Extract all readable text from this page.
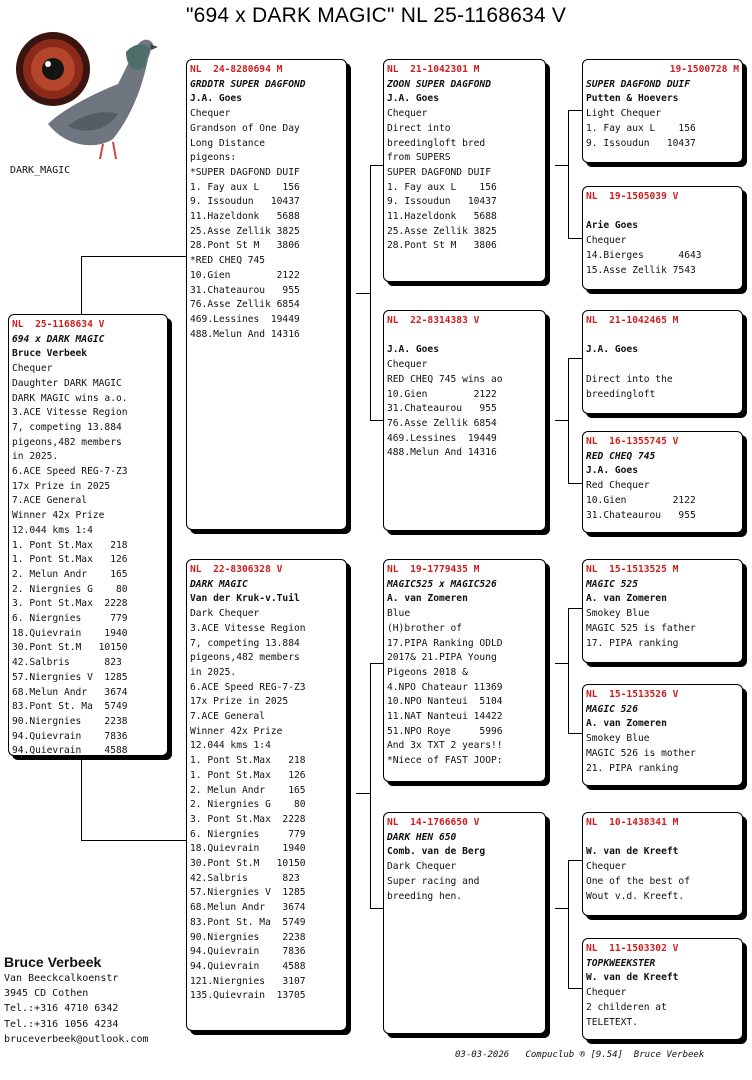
"694 x DARK MAGIC" NL 25-1168634 V
DARK_MAGIC
NL  25-1168634 V
694 x DARK MAGIC
Bruce Verbeek
Chequer
Daughter DARK MAGIC
DARK MAGIC wins a.o.
3.ACE Vitesse Region
7, competing 13.884
pigeons,482 members
in 2025.
6.ACE Speed REG-7-Z3
17x Prize in 2025
7.ACE General
Winner 42x Prize
12.044 kms 1:4
1. Pont St.Max   218
1. Pont St.Max   126
2. Melun Andr    165
2. Niergnies G    80
3. Pont St.Max  2228
6. Niergnies     779
18.Quievrain    1940
30.Pont St.M   10150
42.Salbris      823
57.Niergnies V  1285
68.Melun Andr   3674
83.Pont St. Ma  5749
90.Niergnies    2238
94.Quievrain    7836
94.Quievrain    4588
NL  24-8280694 M
GRDDTR SUPER DAGFOND
J.A. Goes
Chequer
Grandson of One Day
Long Distance
pigeons:
*SUPER DAGFOND DUIF
1. Fay aux L    156
9. Issoudun   10437
11.Hazeldonk   5688
25.Asse Zellik 3825
28.Pont St M   3806
*RED CHEQ 745
10.Gien        2122
31.Chateaurou   955
76.Asse Zellik 6854
469.Lessines  19449
488.Melun And 14316
NL  22-8306328 V
DARK MAGIC
Van der Kruk-v.Tuil
Dark Chequer
3.ACE Vitesse Region
7, competing 13.884
pigeons,482 members
in 2025.
6.ACE Speed REG-7-Z3
17x Prize in 2025
7.ACE General
Winner 42x Prize
12.044 kms 1:4
1. Pont St.Max   218
1. Pont St.Max   126
2. Melun Andr    165
2. Niergnies G    80
3. Pont St.Max  2228
6. Niergnies     779
18.Quievrain    1940
30.Pont St.M   10150
42.Salbris      823
57.Niergnies V  1285
68.Melun Andr   3674
83.Pont St. Ma  5749
90.Niergnies    2238
94.Quievrain    7836
94.Quievrain    4588
121.Niergnies   3107
135.Quievrain  13705
NL  21-1042301 M
ZOON SUPER DAGFOND
J.A. Goes
Chequer
Direct into
breedingloft bred
from SUPERS
SUPER DAGFOND DUIF
1. Fay aux L    156
9. Issoudun   10437
11.Hazeldonk   5688
25.Asse Zellik 3825
28.Pont St M   3806
NL  22-8314383 V

J.A. Goes
Chequer
RED CHEQ 745 wins ao
10.Gien        2122
31.Chateaurou   955
76.Asse Zellik 6854
469.Lessines  19449
488.Melun And 14316
NL  19-1779435 M
MAGIC525 x MAGIC526
A. van Zomeren
Blue
(H)brother of
17.PIPA Ranking ODLD
2017& 21.PIPA Young
Pigeons 2018 &
4.NPO Chateaur 11369
10.NPO Nanteui  5104
11.NAT Nanteui 14422
51.NPO Roye     5996
And 3x TXT 2 years!!
*Niece of FAST JOOP:
NL  14-1766650 V
DARK HEN 650
Comb. van de Berg
Dark Chequer
Super racing and
breeding hen.
19-1500728 M
SUPER DAGFOND DUIF
Putten & Hoevers
Light Chequer
1. Fay aux L    156
9. Issoudun   10437
NL  19-1505039 V

Arie Goes
Chequer
14.Bierges      4643
15.Asse Zellik 7543
NL  21-1042465 M

J.A. Goes

Direct into the
breedingloft
NL  16-1355745 V
RED CHEQ 745
J.A. Goes
Red Chequer
10.Gien        2122
31.Chateaurou   955
NL  15-1513525 M
MAGIC 525
A. van Zomeren
Smokey Blue
MAGIC 525 is father
17. PIPA ranking
NL  15-1513526 V
MAGIC 526
A. van Zomeren
Smokey Blue
MAGIC 526 is mother
21. PIPA ranking
NL  10-1438341 M

W. van de Kreeft
Chequer
One of the best of
Wout v.d. Kreeft.
NL  11-1503302 V
TOPKWEEKSTER
W. van de Kreeft
Chequer
2 childeren at
TELETEXT.
Bruce Verbeek
Van Beeckcalkoenstr
3945 CD Cothen
Tel.:+316 4710 6342
Tel.:+316 1056 4234
bruceverbeek@outlook.com
03-03-2026   Compuclub ® [9.54]  Bruce Verbeek
